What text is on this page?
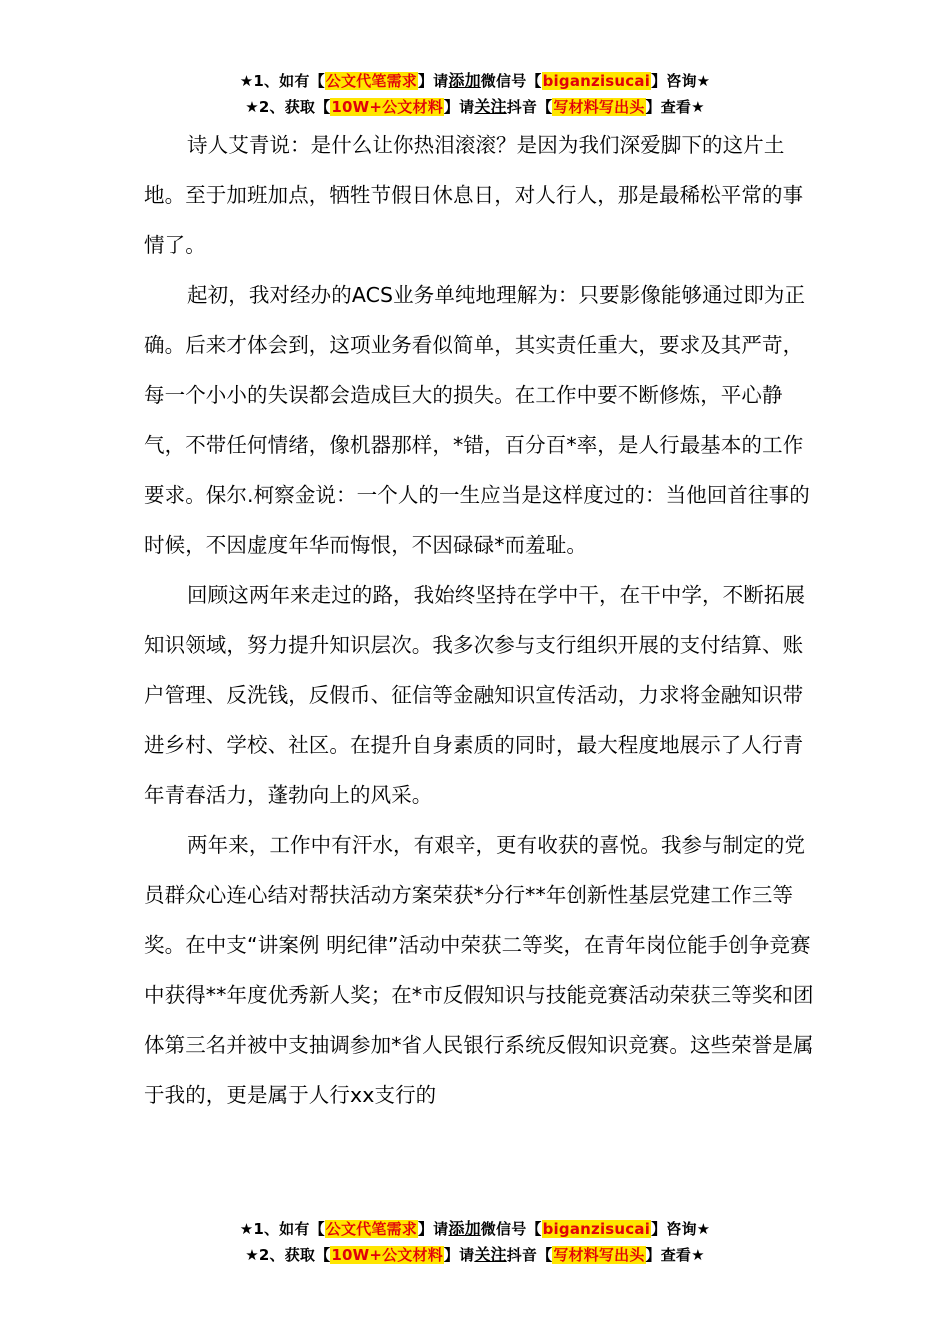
★1、如有【公文代笔需求】请添加微信号【biganzisucai】咨询★
★2、获取【10W+公文材料】请关注抖音【写材料写出头】查看★

诗人艾青说：是什么让你热泪滚滚？是因为我们深爱脚下的这片土地。至于加班加点，牺牲节假日休息日，对人行人，那是最稀松平常的事情了。

起初，我对经办的ACS业务单纯地理解为：只要影像能够通过即为正确。后来才体会到，这项业务看似简单，其实责任重大，要求及其严苛，每一个小小的失误都会造成巨大的损失。在工作中要不断修炼，平心静气，不带任何情绪，像机器那样，*错，百分百*率，是人行最基本的工作要求。保尔.柯察金说：一个人的一生应当是这样度过的：当他回首往事的时候，不因虚度年华而悔恨，不因碌碌*而羞耻。

回顾这两年来走过的路，我始终坚持在学中干，在干中学，不断拓展知识领域，努力提升知识层次。我多次参与支行组织开展的支付结算、账户管理、反洗钱，反假币、征信等金融知识宣传活动，力求将金融知识带进乡村、学校、社区。在提升自身素质的同时，最大程度地展示了人行青年青春活力，蓬勃向上的风采。

两年来，工作中有汗水，有艰辛，更有收获的喜悦。我参与制定的党员群众心连心结对帮扶活动方案荣获*分行**年创新性基层党建工作三等奖。在中支“讲案例 明纪律”活动中荣获二等奖，在青年岗位能手创争竞赛中获得**年度优秀新人奖；在*市反假知识与技能竞赛活动荣获三等奖和团体第三名并被中支抽调参加*省人民银行系统反假知识竞赛。这些荣誉是属于我的，更是属于人行xx支行的

★1、如有【公文代笔需求】请添加微信号【biganzisucai】咨询★
★2、获取【10W+公文材料】请关注抖音【写材料写出头】查看★
